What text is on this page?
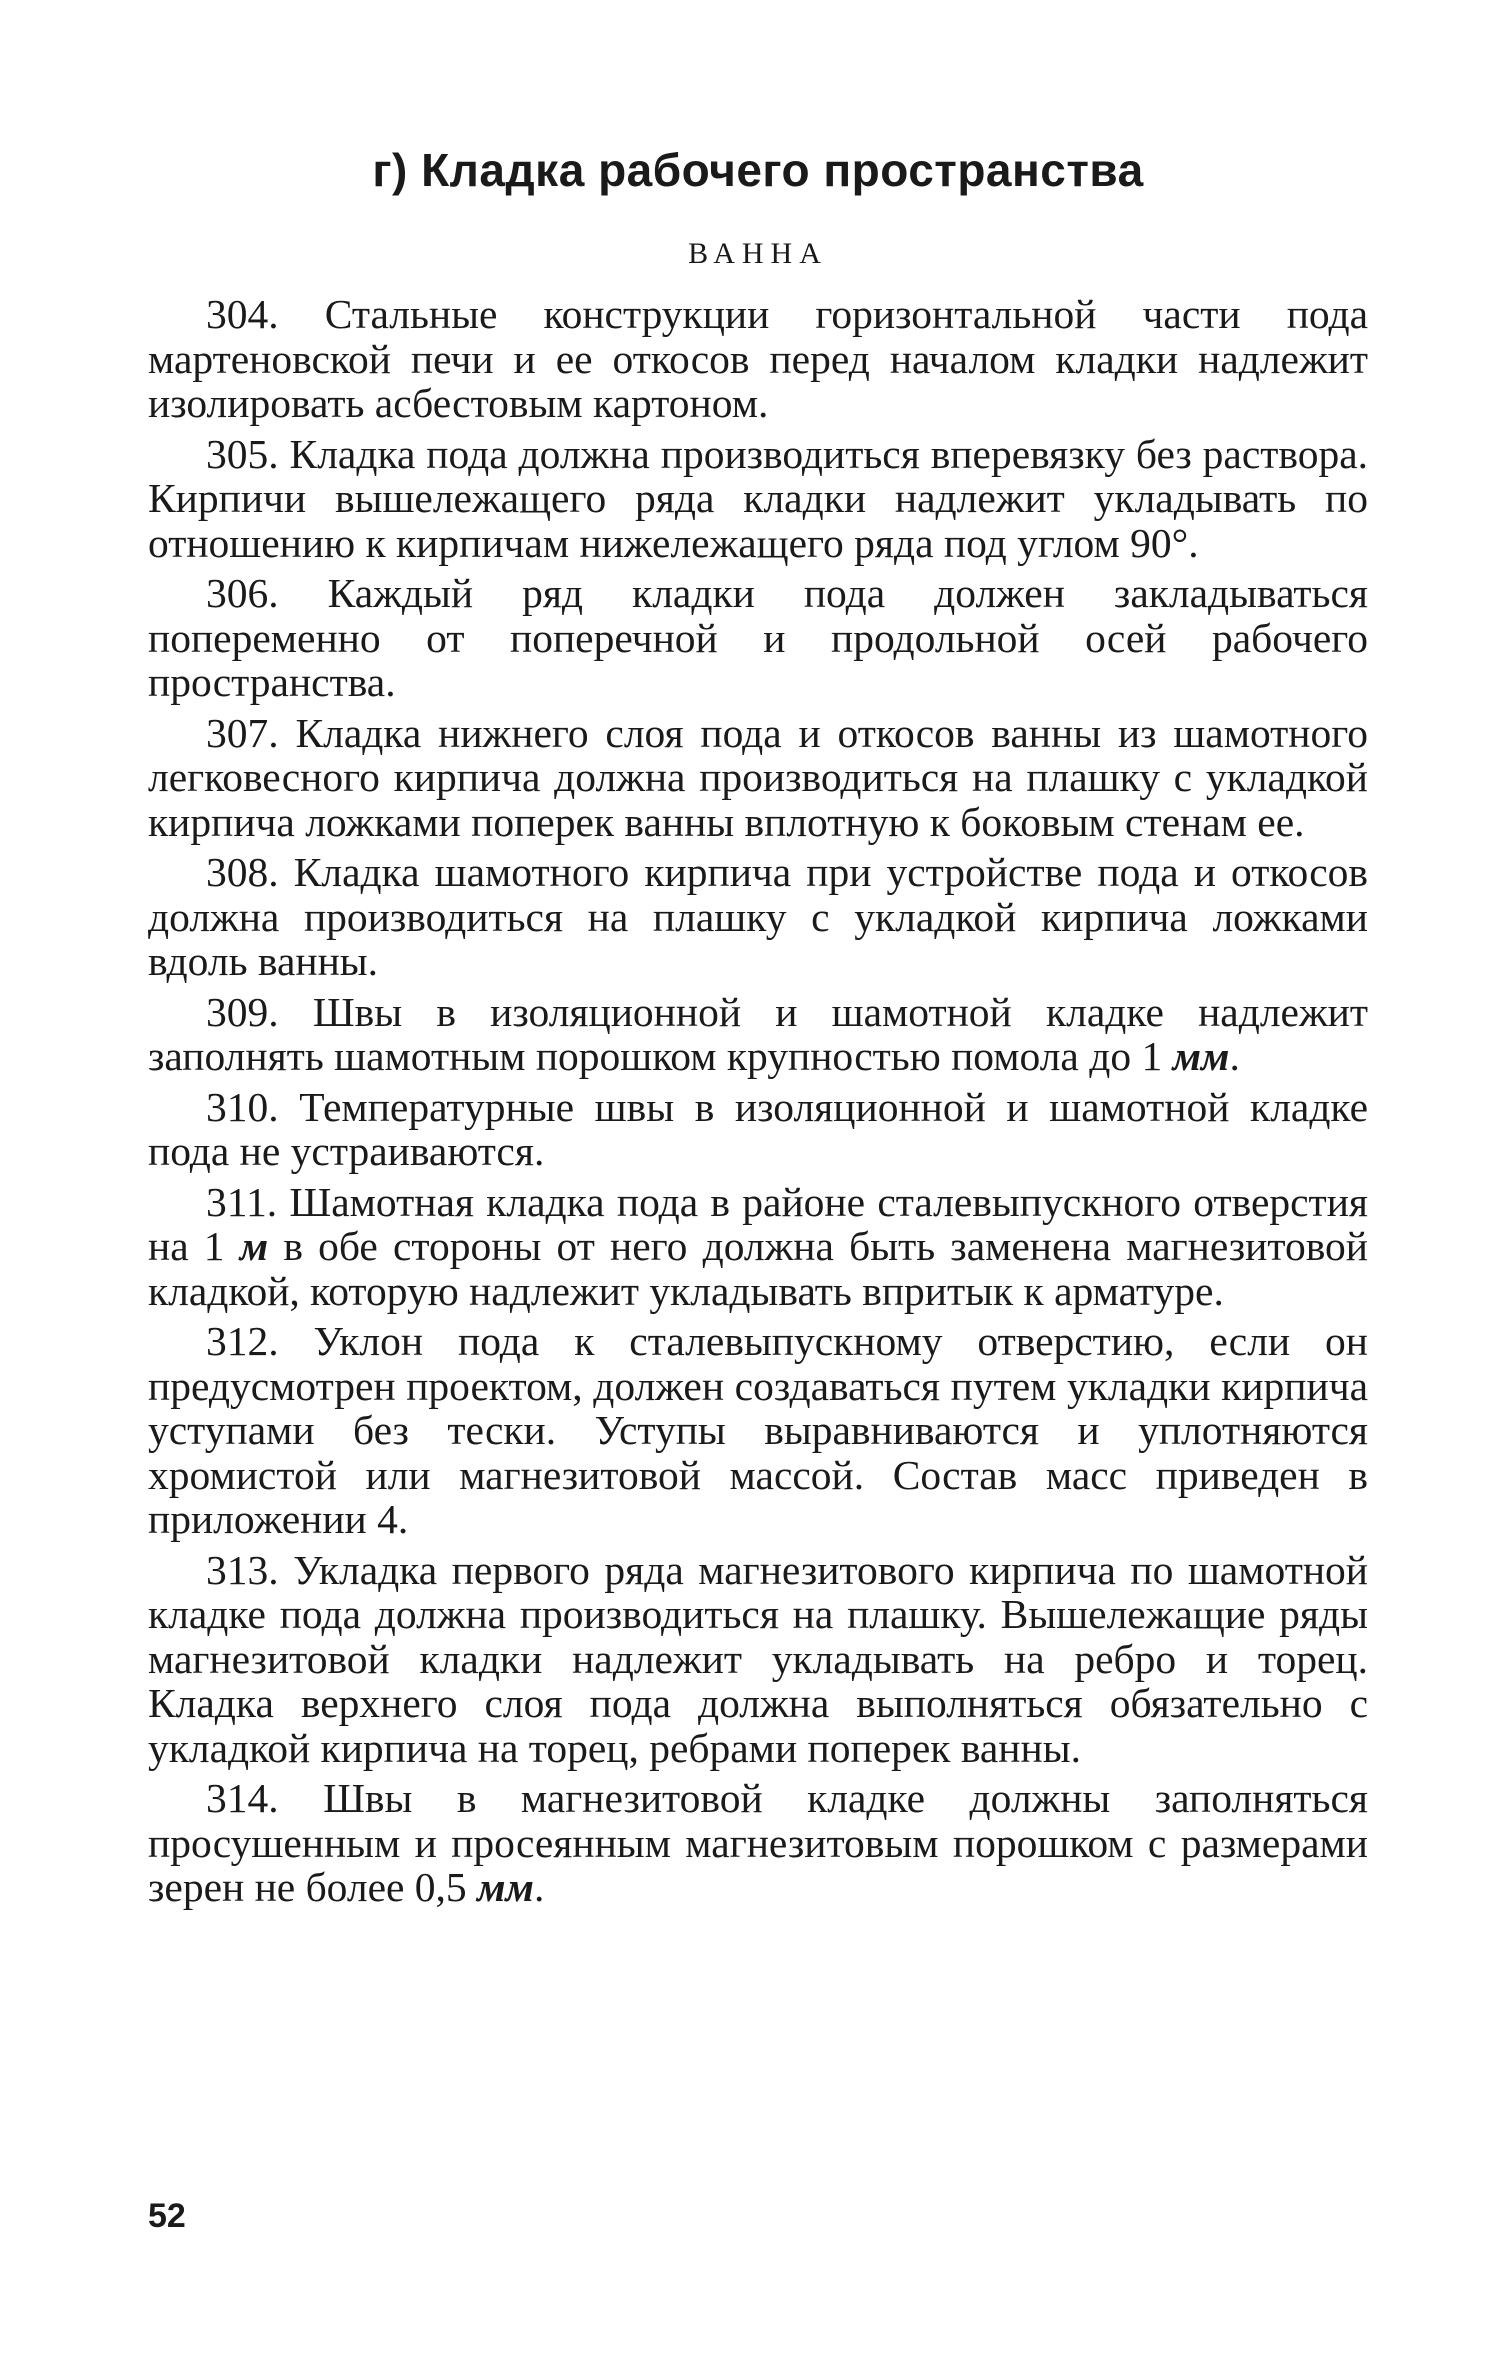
г) Кладка рабочего пространства
ВАННА

304. Стальные конструкции горизонтальной части пода мартеновской печи и ее откосов перед началом кладки надлежит изолировать асбестовым картоном.

305. Кладка пода должна производиться вперевязку без раствора. Кирпичи вышележащего ряда кладки надлежит укладывать по отношению к кирпичам нижележащего ряда под углом 90°.

306. Каждый ряд кладки пода должен закладываться попеременно от поперечной и продольной осей рабочего пространства.

307. Кладка нижнего слоя пода и откосов ванны из шамотного легковесного кирпича должна производиться на плашку с укладкой кирпича ложками поперек ванны вплотную к боковым стенам ее.

308. Кладка шамотного кирпича при устройстве пода и откосов должна производиться на плашку с укладкой кирпича ложками вдоль ванны.

309. Швы в изоляционной и шамотной кладке надлежит заполнять шамотным порошком крупностью помола до 1 мм.

310. Температурные швы в изоляционной и шамотной кладке пода не устраиваются.

311. Шамотная кладка пода в районе сталевыпускного отверстия на 1 м в обе стороны от него должна быть заменена магнезитовой кладкой, которую надлежит укладывать впритык к арматуре.

312. Уклон пода к сталевыпускному отверстию, если он предусмотрен проектом, должен создаваться путем укладки кирпича уступами без тески. Уступы выравниваются и уплотняются хромистой или магнезитовой массой. Состав масс приведен в приложении 4.

313. Укладка первого ряда магнезитового кирпича по шамотной кладке пода должна производиться на плашку. Вышележащие ряды магнезитовой кладки надлежит укладывать на ребро и торец. Кладка верхнего слоя пода должна выполняться обязательно с укладкой кирпича на торец, ребрами поперек ванны.

314. Швы в магнезитовой кладке должны заполняться просушенным и просеянным магнезитовым порошком с размерами зерен не более 0,5 мм.

52
